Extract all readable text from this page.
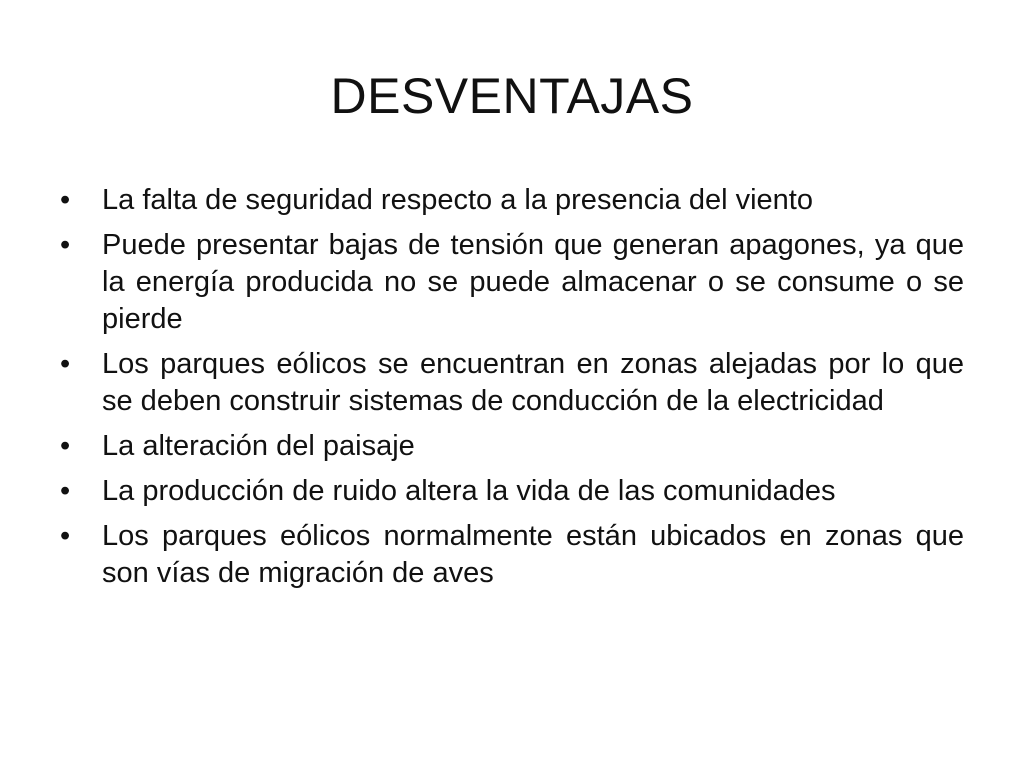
DESVENTAJAS
•	La falta de seguridad respecto a la presencia del viento
•	Puede presentar bajas de tensión que generan apagones, ya que la energía producida no se puede almacenar o se consume o se pierde
•	Los parques eólicos se encuentran en zonas alejadas por lo que se deben construir sistemas de conducción de la electricidad
•	La alteración del paisaje
•	La producción de ruido altera la vida de las comunidades
•	Los parques eólicos normalmente están ubicados en zonas que son vías de migración de aves
